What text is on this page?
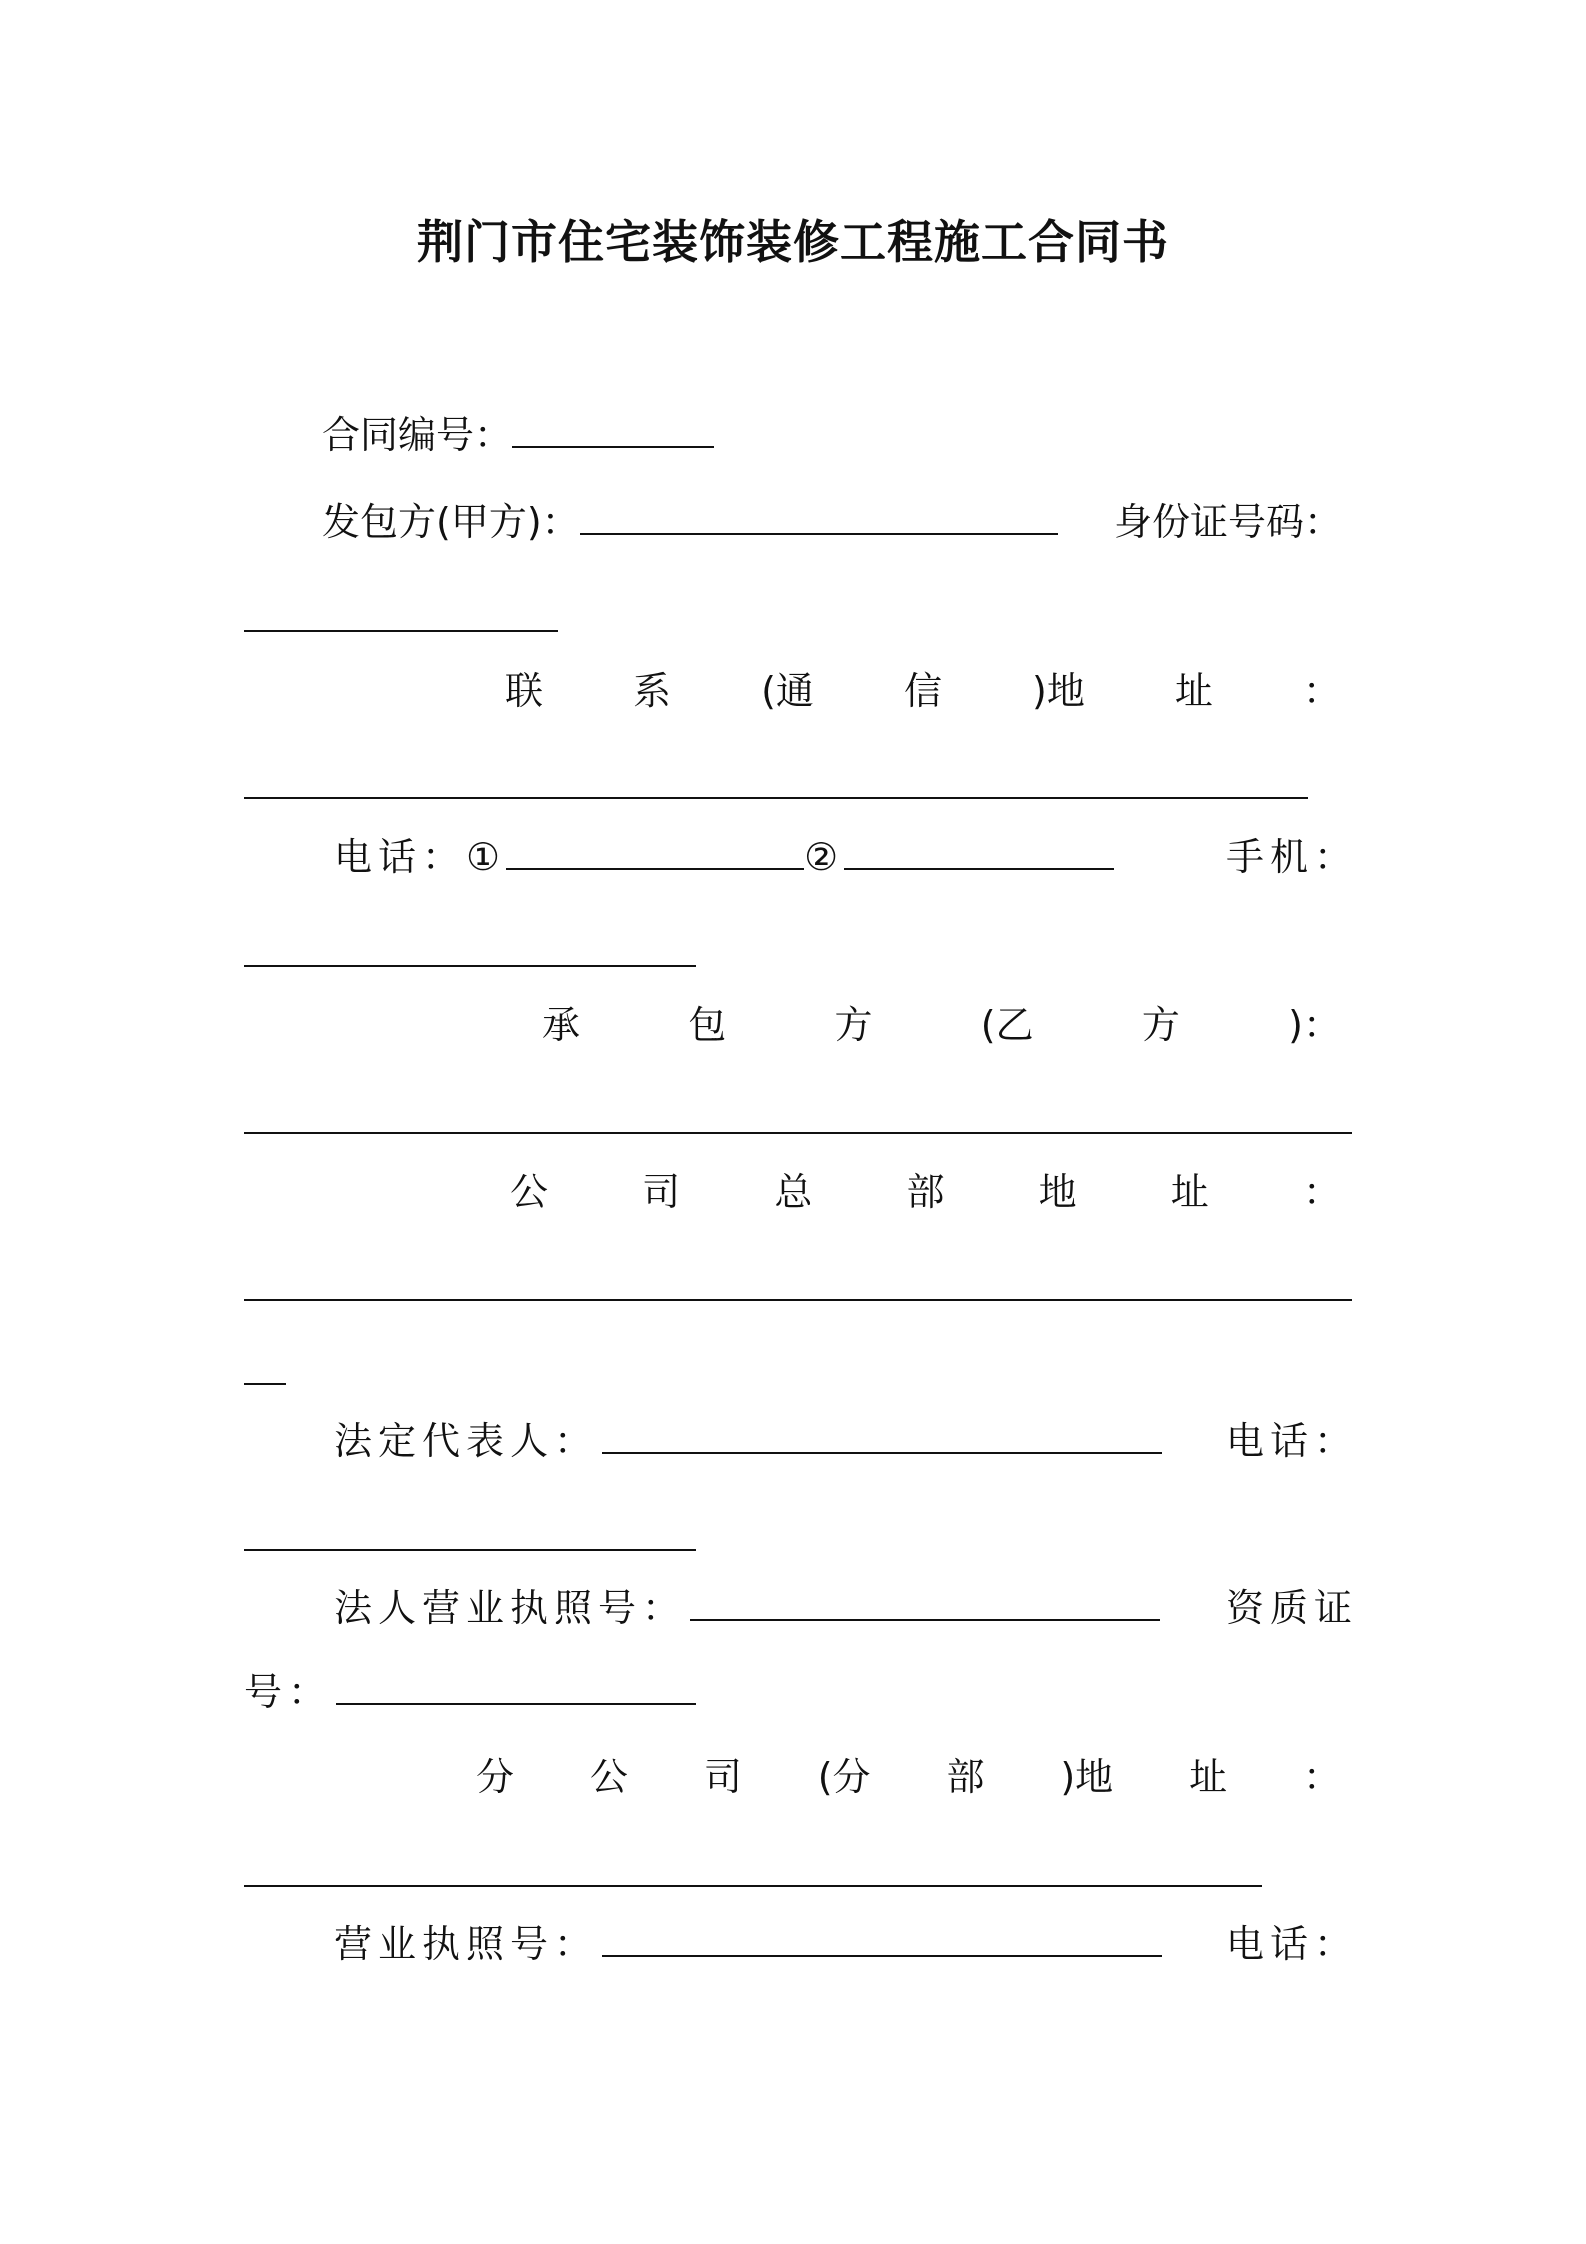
荆门市住宅装饰装修工程施工合同书
合同编号：
发包方(甲方)：	身份证号码：
联 系 (通 信 )地 址 ：
电话：①	②	手机：
承	包	方	(乙	方	)：
公 司 总 部 地 址 ：
法定代表人：	电话：
法人营业执照号：	资质证
号：
分 公 司 (分 部 )地 址 ：
营业执照号：	电话：
